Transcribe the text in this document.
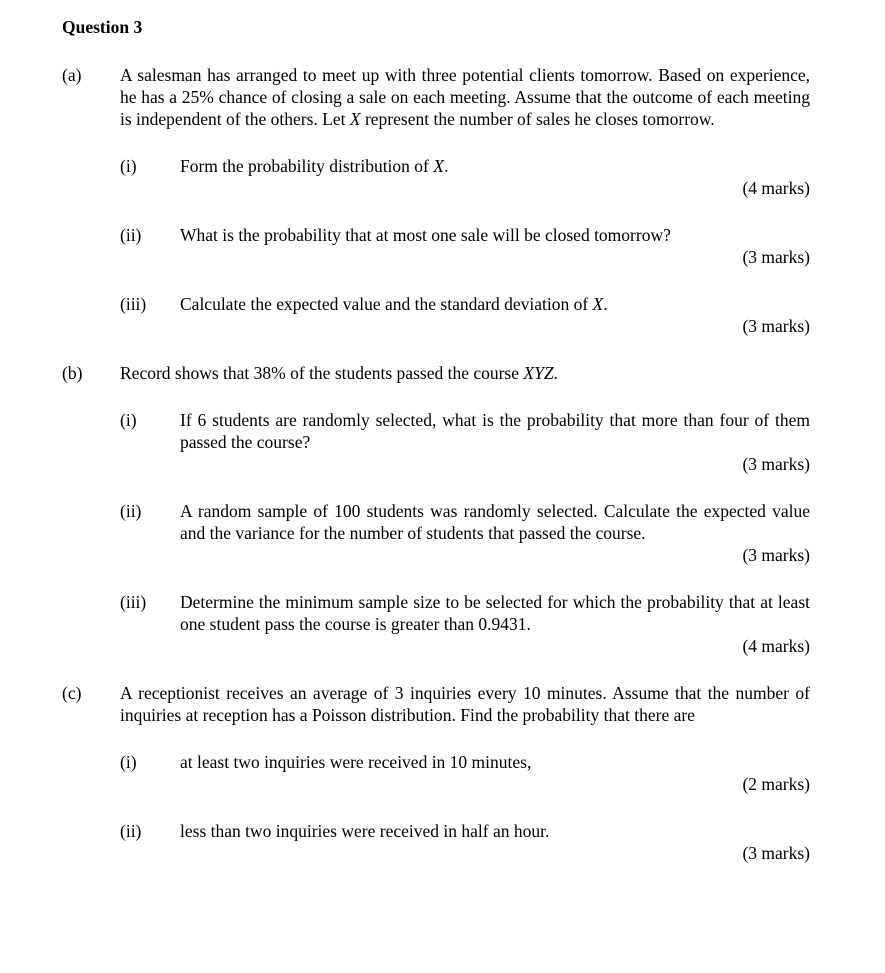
Question 3

(a)	A salesman has arranged to meet up with three potential clients tomorrow. Based on experience, he has a 25% chance of closing a sale on each meeting. Assume that the outcome of each meeting is independent of the others. Let X represent the number of sales he closes tomorrow.

(i)	Form the probability distribution of X.

(4 marks)

(ii)	What is the probability that at most one sale will be closed tomorrow?

(3 marks)

(iii)	Calculate the expected value and the standard deviation of X.

(3 marks)

(b)	Record shows that 38% of the students passed the course XYZ.

(i)	If 6 students are randomly selected, what is the probability that more than four of them passed the course?

(3 marks)

(ii)	A random sample of 100 students was randomly selected. Calculate the expected value and the variance for the number of students that passed the course.

(3 marks)

(iii)	Determine the minimum sample size to be selected for which the probability that at least one student pass the course is greater than 0.9431.

(4 marks)

(c)	A receptionist receives an average of 3 inquiries every 10 minutes. Assume that the number of inquiries at reception has a Poisson distribution. Find the probability that there are

(i)	at least two inquiries were received in 10 minutes,

(2 marks)

(ii)	less than two inquiries were received in half an hour.

(3 marks)
